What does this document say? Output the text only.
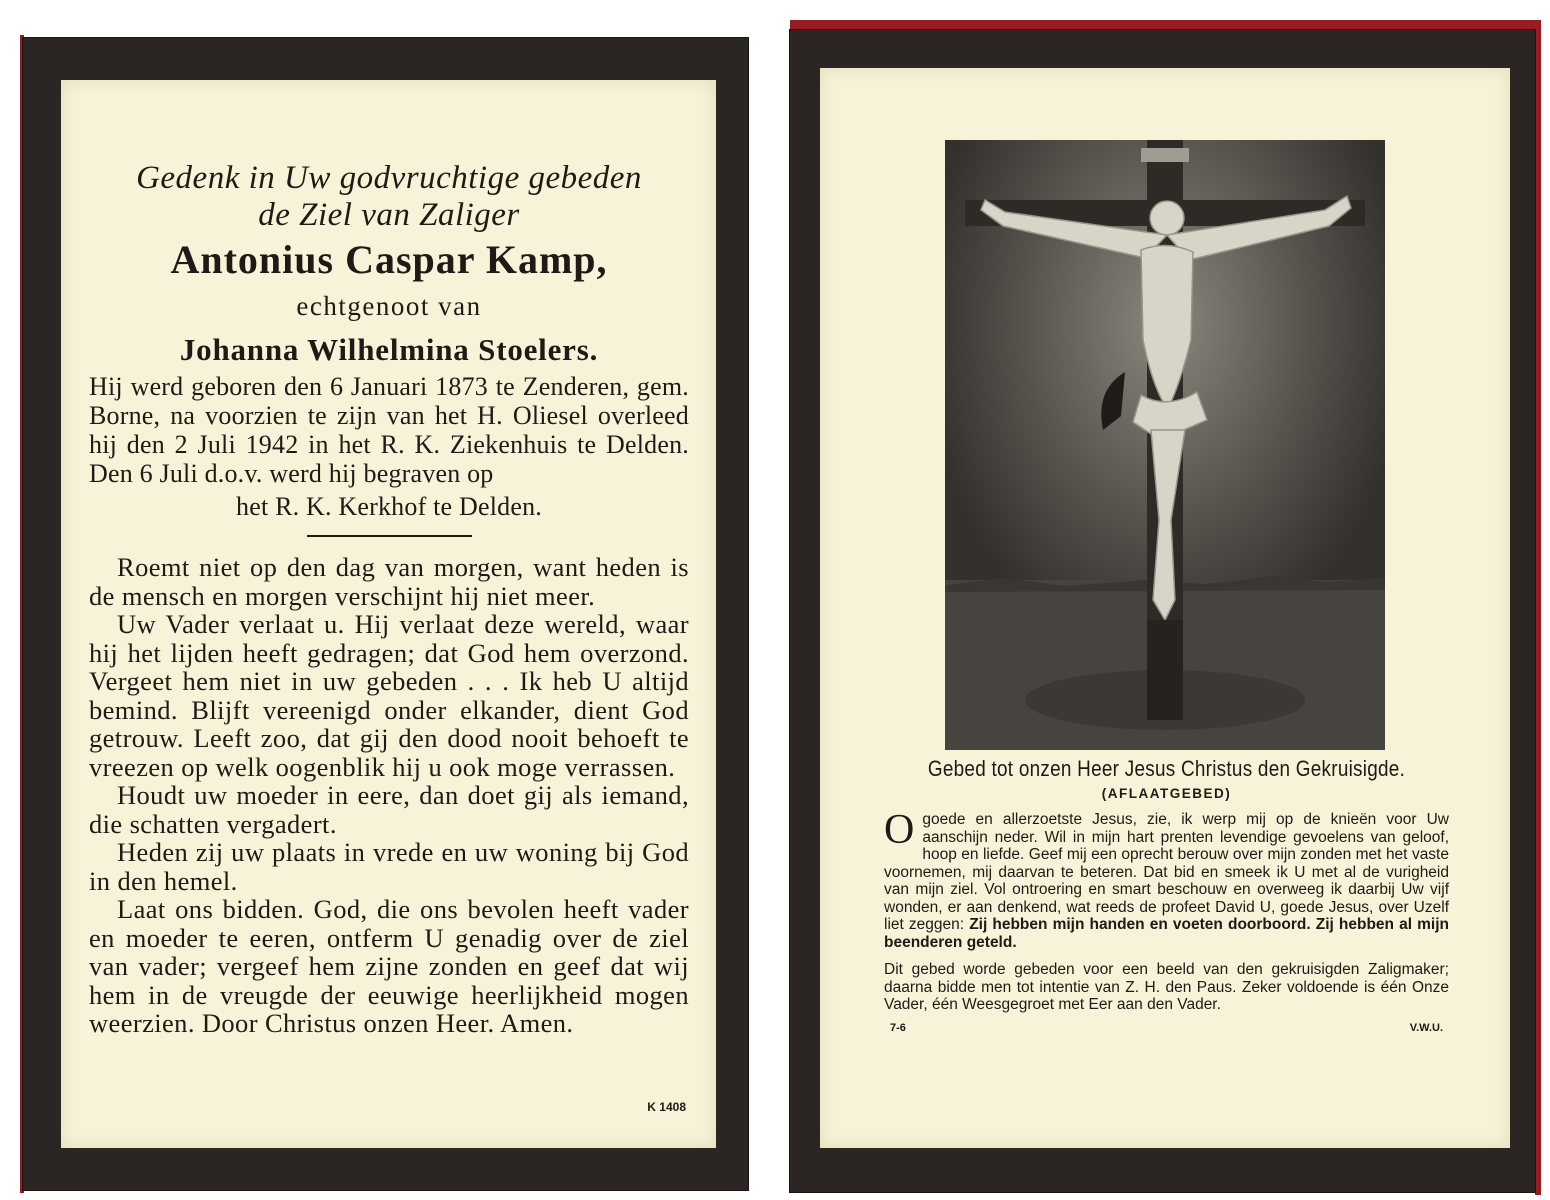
Gedenk in Uw godvruchtige gebeden
de Ziel van Zaliger
Antonius Caspar Kamp,
echtgenoot van
Johanna Wilhelmina Stoelers.
Hij werd geboren den 6 Januari 1873 te Zenderen, gem. Borne, na voorzien te zijn van het H. Oliesel overleed hij den 2 Juli 1942 in het R. K. Ziekenhuis te Delden. Den 6 Juli d.o.v. werd hij begraven op
het R. K. Kerkhof te Delden.

Roemt niet op den dag van morgen, want heden is de mensch en morgen verschijnt hij niet meer.

Uw Vader verlaat u. Hij verlaat deze wereld, waar hij het lijden heeft gedragen; dat God hem overzond. Vergeet hem niet in uw gebeden . . . Ik heb U altijd bemind. Blijft vereenigd onder elkander, dient God getrouw. Leeft zoo, dat gij den dood nooit behoeft te vreezen op welk oogenblik hij u ook moge verrassen.

Houdt uw moeder in eere, dan doet gij als iemand, die schatten vergadert.

Heden zij uw plaats in vrede en uw woning bij God in den hemel.

Laat ons bidden. God, die ons bevolen heeft vader en moeder te eeren, ontferm U genadig over de ziel van vader; vergeef hem zijne zonden en geef dat wij hem in de vreugde der eeuwige heerlijkheid mogen weerzien. Door Christus onzen Heer. Amen.

K 1408
Gebed tot onzen Heer Jesus Christus den Gekruisigde.
(AFLAATGEBED)
O goede en allerzoetste Jesus, zie, ik werp mij op de knieën voor Uw aanschijn neder. Wil in mijn hart prenten levendige gevoelens van geloof, hoop en liefde. Geef mij een oprecht berouw over mijn zonden met het vaste voornemen, mij daarvan te beteren. Dat bid en smeek ik U met al de vurigheid van mijn ziel. Vol ontroering en smart beschouw en overweeg ik daarbij Uw vijf wonden, er aan denkend, wat reeds de profeet David U, goede Jesus, over Uzelf liet zeggen: Zij hebben mijn handen en voeten doorboord. Zij hebben al mijn beenderen geteld.
Dit gebed worde gebeden voor een beeld van den gekruisigden Zaligmaker; daarna bidde men tot intentie van Z. H. den Paus. Zeker voldoende is één Onze Vader, één Weesgegroet met Eer aan den Vader.
7-6	V.W.U.
